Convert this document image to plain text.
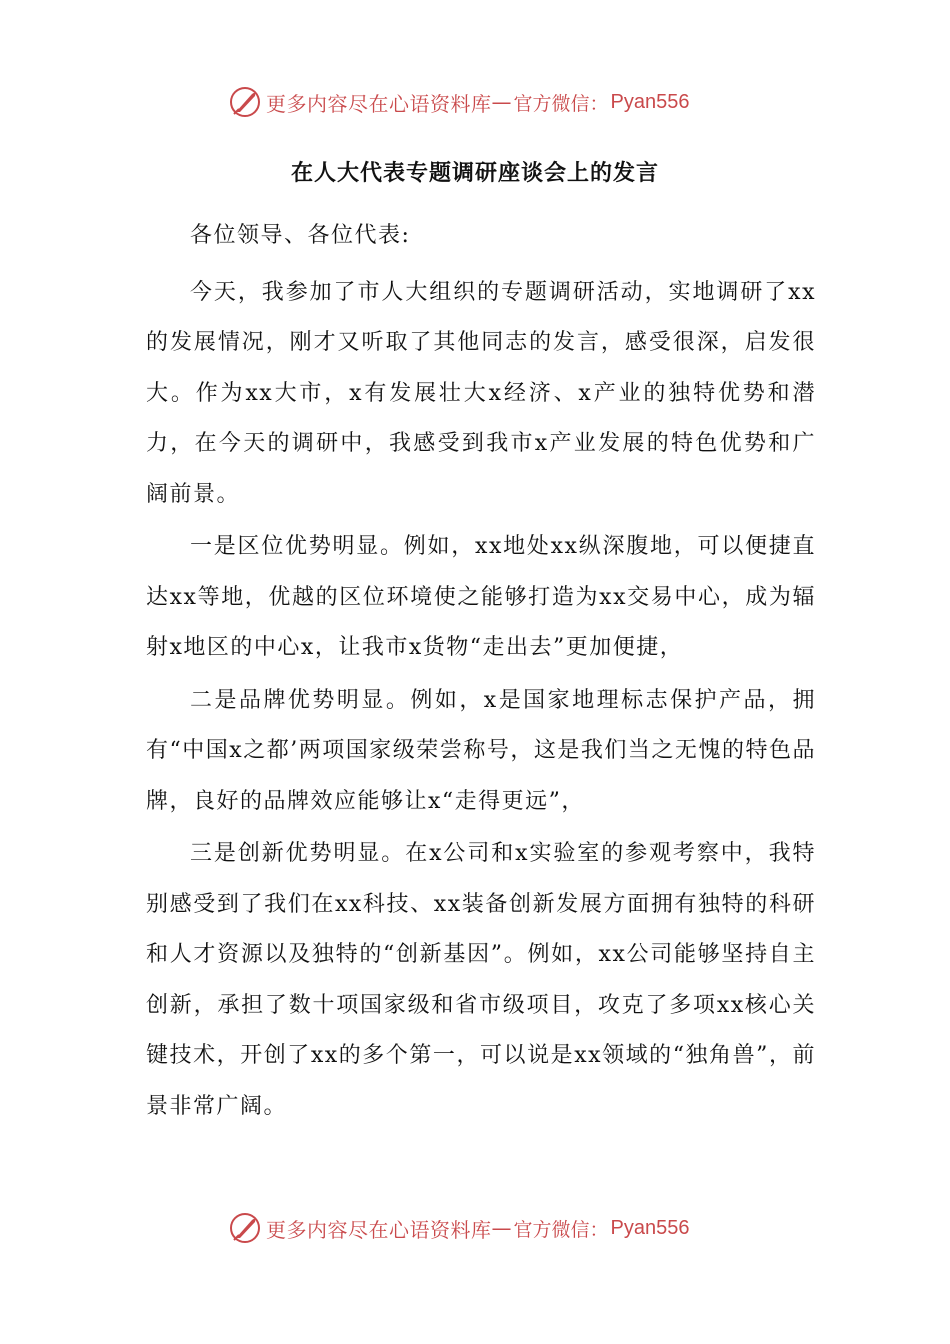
更多内容尽在心语资料库 — 官方微信： Pyan556
在人大代表专题调研座谈会上的发言

各位领导、各位代表:

今天，我参加了市人大组织的专题调研活动，实地调研了xx的发展情况，刚才又听取了其他同志的发言，感受很深，启发很大。作为xx大市，x有发展壮大x经济、x产业的独特优势和潜力，在今天的调研中，我感受到我市x产业发展的特色优势和广阔前景。

一是区位优势明显。例如，xx地处xx纵深腹地，可以便捷直达xx等地，优越的区位环境使之能够打造为xx交易中心，成为辐射x地区的中心x，让我市x货物“走出去”更加便捷，

二是品牌优势明显。例如，x是国家地理标志保护产品，拥有“中国x之都’两项国家级荣尝称号，这是我们当之无愧的特色品牌，良好的品牌效应能够让x“走得更远”，

三是创新优势明显。在x公司和x实验室的参观考察中，我特别感受到了我们在xx科技、xx装备创新发展方面拥有独特的科研和人才资源以及独特的“创新基因”。例如，xx公司能够坚持自主创新，承担了数十项国家级和省市级项目，攻克了多项xx核心关键技术，开创了xx的多个第一，可以说是xx领域的“独角兽”，前景非常广阔。

更多内容尽在心语资料库 — 官方微信： Pyan556
